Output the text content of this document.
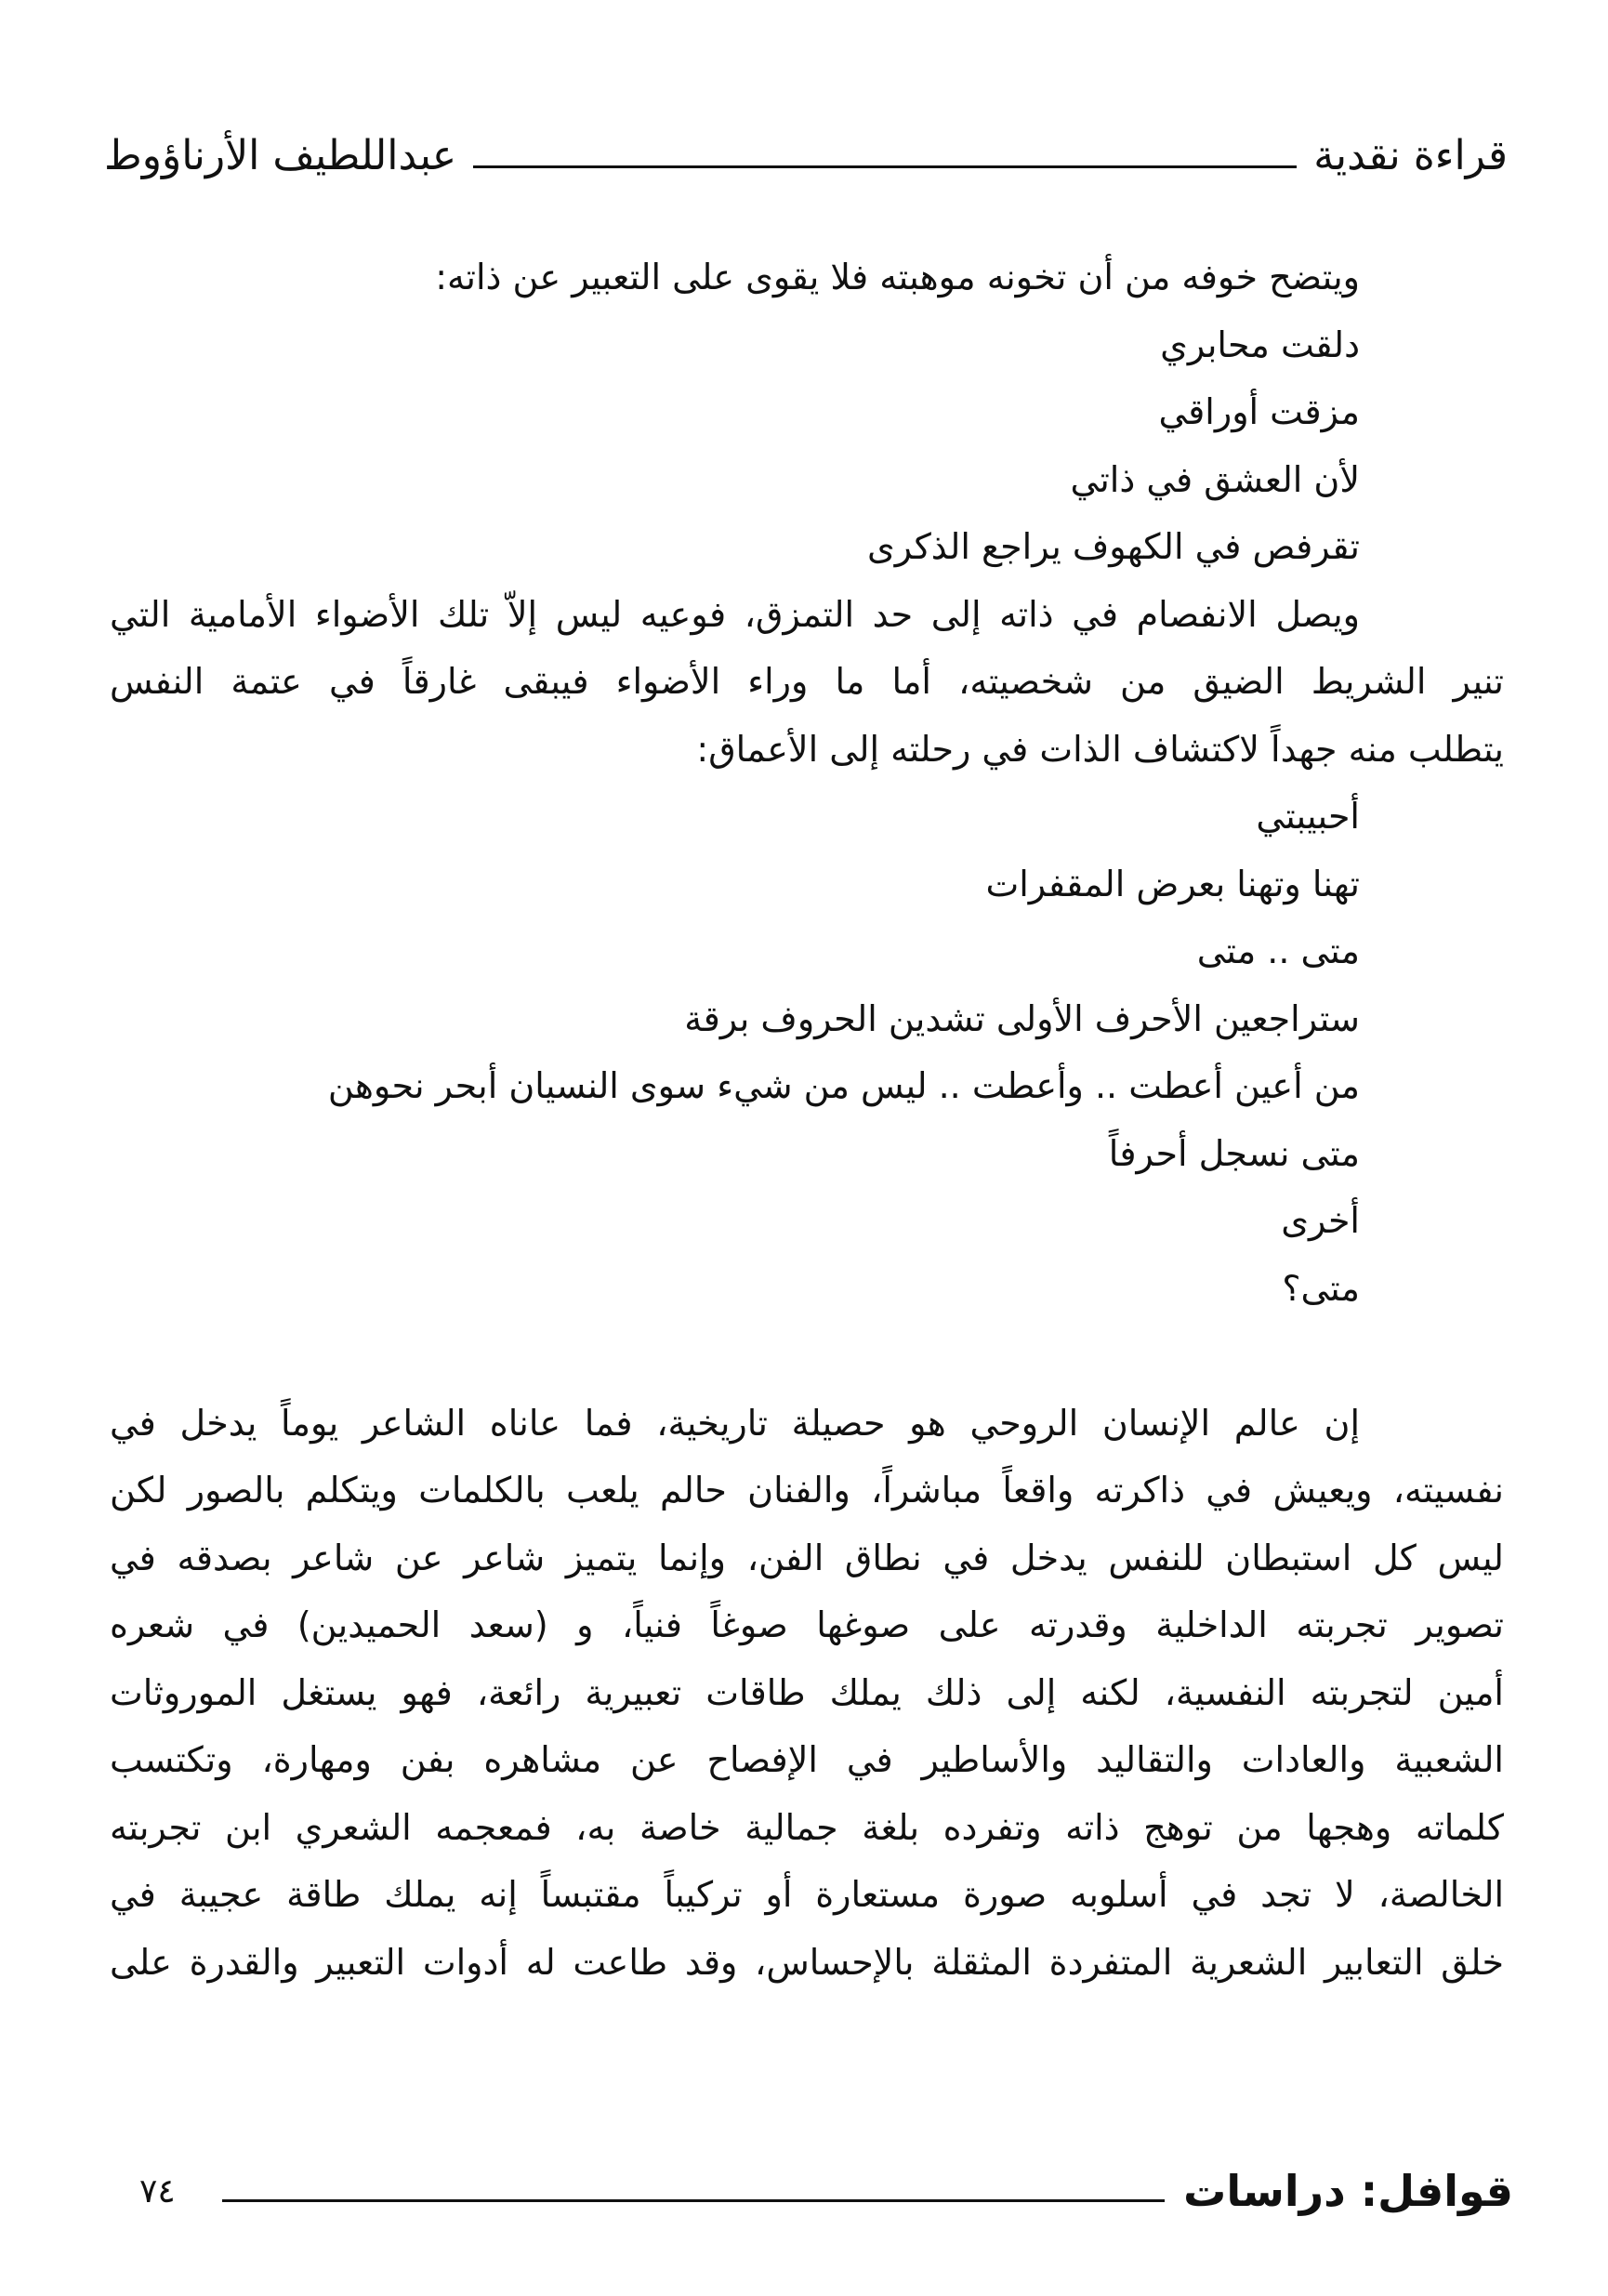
عبداللطيف الأرناؤوط	قراءة نقدية
ويتضح خوفه من أن تخونه موهبته فلا يقوى على التعبير عن ذاته:
دلقت محابري
مزقت أوراقي
لأن العشق في ذاتي
تقرفص في الكهوف يراجع الذكرى
ويصل الانفصام في ذاته إلى حد التمزق، فوعيه ليس إلاّ تلك الأضواء الأمامية التي
تنير الشريط الضيق من شخصيته، أما ما وراء الأضواء فيبقى غارقاً في عتمة النفس
يتطلب منه جهداً لاكتشاف الذات في رحلته إلى الأعماق:
أحبيبتي
تهنا وتهنا بعرض المقفرات
متى .. متى
ستراجعين الأحرف الأولى تشدين الحروف برقة
من أعين أعطت .. وأعطت .. ليس من شيء سوى النسيان أبحر نحوهن
متى نسجل أحرفاً
أخرى
متى؟
إن عالم الإنسان الروحي هو حصيلة تاريخية، فما عاناه الشاعر يوماً يدخل في
نفسيته، ويعيش في ذاكرته واقعاً مباشراً، والفنان حالم يلعب بالكلمات ويتكلم بالصور لكن
ليس كل استبطان للنفس يدخل في نطاق الفن، وإنما يتميز شاعر عن شاعر بصدقه في
تصوير تجربته الداخلية وقدرته على صوغها صوغاً فنياً، و (سعد الحميدين) في شعره
أمين لتجربته النفسية، لكنه إلى ذلك يملك طاقات تعبيرية رائعة، فهو يستغل الموروثات
الشعبية والعادات والتقاليد والأساطير في الإفصاح عن مشاهره بفن ومهارة، وتكتسب
كلماته وهجها من توهج ذاته وتفرده بلغة جمالية خاصة به، فمعجمه الشعري ابن تجربته
الخالصة، لا تجد في أسلوبه صورة مستعارة أو تركيباً مقتبساً إنه يملك طاقة عجيبة في
خلق التعابير الشعرية المتفردة المثقلة بالإحساس، وقد طاعت له أدوات التعبير والقدرة على
٧٤	قوافل: دراسات
